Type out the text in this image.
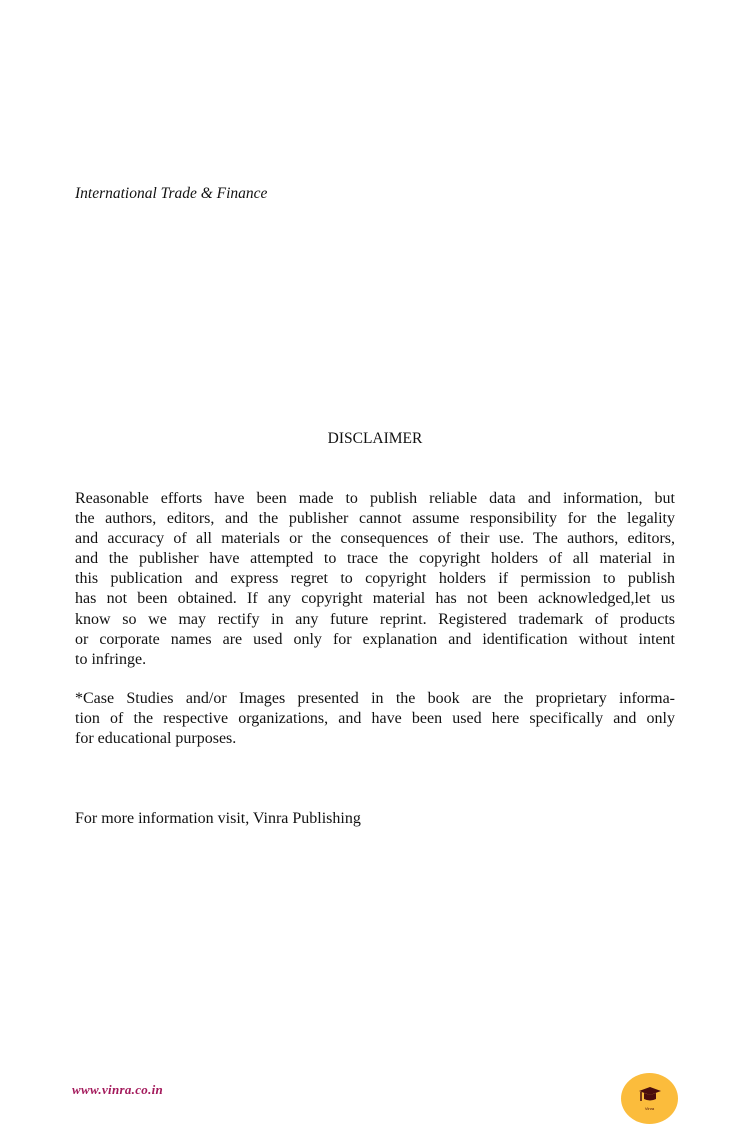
International Trade & Finance
DISCLAIMER
Reasonable efforts have been made to publish reliable data and information, but
the authors, editors, and the publisher cannot assume responsibility for the legality
and accuracy of all materials or the consequences of their use. The authors, editors,
and the publisher have attempted to trace the copyright holders of all material in
this publication and express regret to copyright holders if permission to publish
has not been obtained. If any copyright material has not been acknowledged,let us
know so we may rectify in any future reprint. Registered trademark of products
or corporate names are used only for explanation and identification without intent
to infringe.
*Case Studies and/or Images presented in the book are the proprietary informa-
tion of the respective organizations, and have been used here specifically and only
for educational purposes.
For more information visit, Vinra Publishing
www.vinra.co.in
Vinra
